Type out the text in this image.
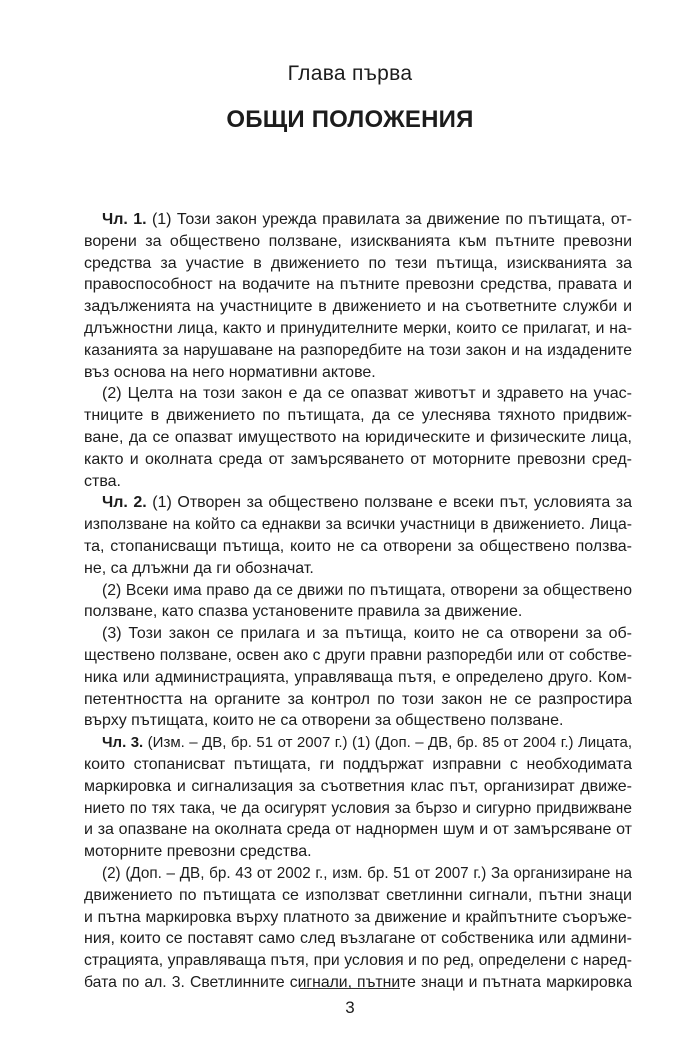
Глава първа
ОБЩИ ПОЛОЖЕНИЯ
Чл. 1. (1) Този закон урежда правилата за движение по пътищата, от-
ворени за обществено ползване, изискванията към пътните превозни
средства за участие в движението по тези пътища, изискванията за
правоспособност на водачите на пътните превозни средства, правата и
задълженията на участниците в движението и на съответните служби и
длъжностни лица, както и принудителните мерки, които се прилагат, и на-
казанията за нарушаване на разпоредбите на този закон и на издадените
въз основа на него нормативни актове.
(2) Целта на този закон е да се опазват животът и здравето на учас-
тниците в движението по пътищата, да се улеснява тяхното придвиж-
ване, да се опазват имуществото на юридическите и физическите лица,
както и околната среда от замърсяването от моторните превозни сред-
ства.
Чл. 2. (1) Отворен за обществено ползване е всеки път, условията за
използване на който са еднакви за всички участници в движението. Лица-
та, стопанисващи пътища, които не са отворени за обществено ползва-
не, са длъжни да ги обозначат.
(2) Всеки има право да се движи по пътищата, отворени за обществено
ползване, като спазва установените правила за движение.
(3) Този закон се прилага и за пътища, които не са отворени за об-
ществено ползване, освен ако с други правни разпоредби или от собстве-
ника или администрацията, управляваща пътя, е определено друго. Ком-
петентността на органите за контрол по този закон не се разпростира
върху пътищата, които не са отворени за обществено ползване.
Чл. 3. (Изм. – ДВ, бр. 51 от 2007 г.) (1) (Доп. – ДВ, бр. 85 от 2004 г.) Лицата,
които стопанисват пътищата, ги поддържат изправни с необходимата
маркировка и сигнализация за съответния клас път, организират движе-
нието по тях така, че да осигурят условия за бързо и сигурно придвижване
и за опазване на околната среда от наднормен шум и от замърсяване от
моторните превозни средства.
(2) (Доп. – ДВ, бр. 43 от 2002 г., изм. бр. 51 от 2007 г.) За организиране на
движението по пътищата се използват светлинни сигнали, пътни знаци
и пътна маркировка върху платното за движение и крайпътните съоръже-
ния, които се поставят само след възлагане от собственика или админи-
страцията, управляваща пътя, при условия и по ред, определени с наред-
бата по ал. 3. Светлинните сигнали, пътните знаци и пътната маркировка
3
